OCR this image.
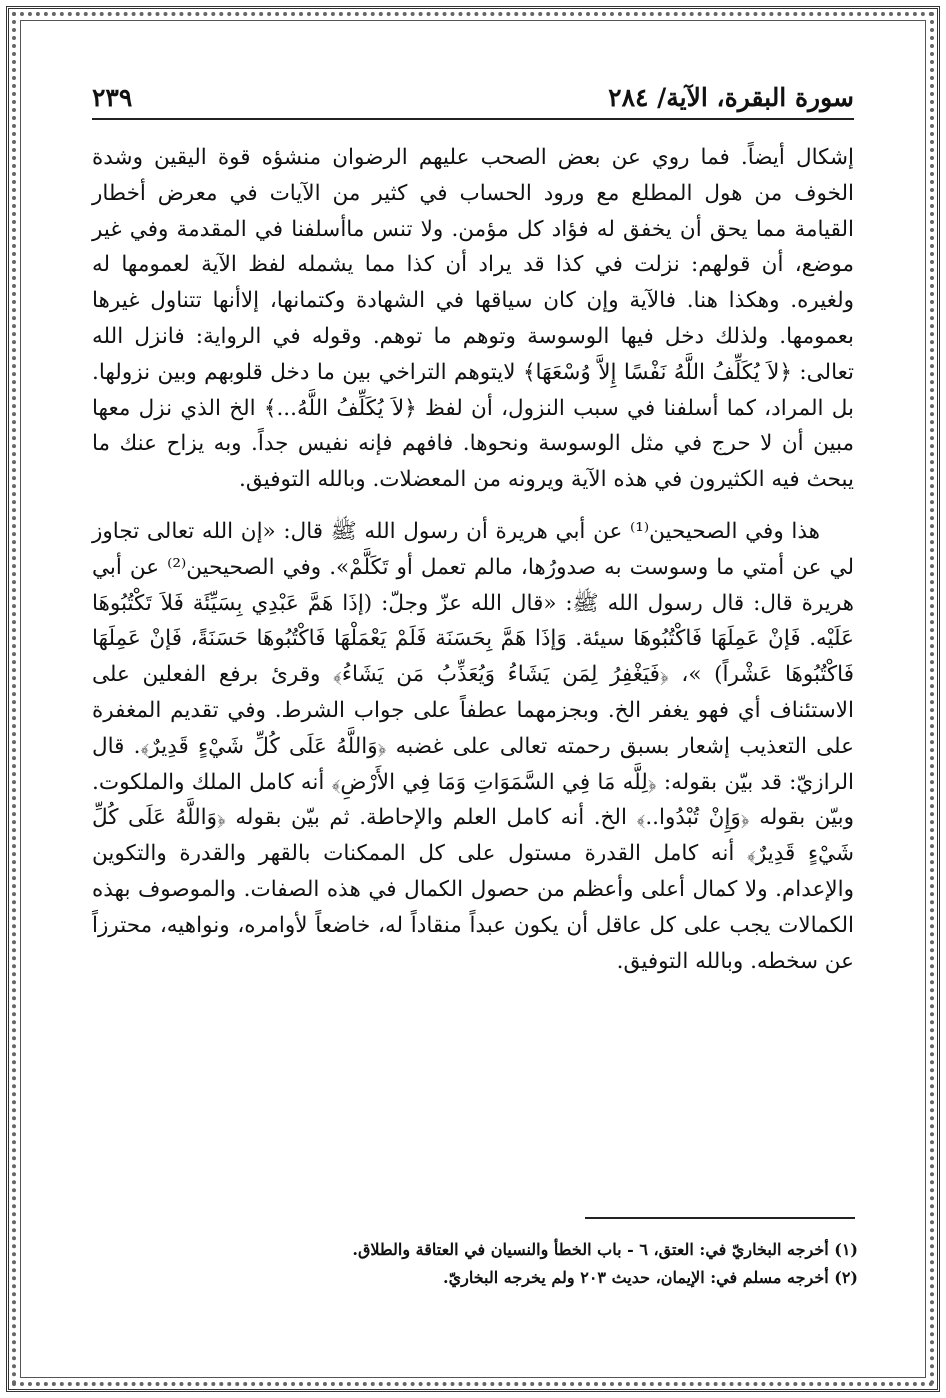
سورة البقرة، الآية/ ٢٨٤
٢٣٩

إشكال أيضاً. فما روي عن بعض الصحب عليهم الرضوان منشؤه قوة اليقين وشدة الخوف من هول المطلع مع ورود الحساب في كثير من الآيات في معرض أخطار القيامة مما يحق أن يخفق له فؤاد كل مؤمن. ولا تنس ماأسلفنا في المقدمة وفي غير موضع، أن قولهم: نزلت في كذا قد يراد أن كذا مما يشمله لفظ الآية لعمومها له ولغيره. وهكذا هنا. فالآية وإن كان سياقها في الشهادة وكتمانها، إلاأنها تتناول غيرها بعمومها. ولذلك دخل فيها الوسوسة وتوهم ما توهم. وقوله في الرواية: فانزل الله تعالى: ﴿لاَ يُكَلِّفُ اللَّهُ نَفْسًا إِلاَّ وُسْعَهَا﴾ لايتوهم التراخي بين ما دخل قلوبهم وبين نزولها. بل المراد، كما أسلفنا في سبب النزول، أن لفظ ﴿لاَ يُكَلِّفُ اللَّهُ...﴾ الخ الذي نزل معها مبين أن لا حرج في مثل الوسوسة ونحوها. فافهم فإنه نفيس جداً. وبه يزاح عنك ما يبحث فيه الكثيرون في هذه الآية ويرونه من المعضلات. وبالله التوفيق.

هذا وفي الصحيحين⁽¹⁾ عن أبي هريرة أن رسول الله ﷺ قال: «إن الله تعالى تجاوز لي عن أمتي ما وسوست به صدورُها، مالم تعمل أو تَكَلَّمْ». وفي الصحيحين⁽²⁾ عن أبي هريرة قال: قال رسول الله ﷺ: «قال الله عزّ وجلّ: (إذَا هَمَّ عَبْدِي بِسَيِّئَة فَلاَ تَكْتُبُوهَا عَلَيْه. فَإنْ عَمِلَهَا فَاكْتُبُوهَا سيئة. وَإذَا هَمَّ بِحَسَنَة فَلَمْ يَعْمَلْهَا فَاكْتُبُوهَا حَسَنَةً، فَإنْ عَمِلَهَا فَاكْتُبُوهَا عَشْراً) »، ﴿فَيَغْفِرُ لِمَن يَشَاءُ وَيُعَذِّبُ مَن يَشَاءُ﴾ وقرئ برفع الفعلين على الاستئناف أي فهو يغفر الخ. وبجزمهما عطفاً على جواب الشرط. وفي تقديم المغفرة على التعذيب إشعار بسبق رحمته تعالى على غضبه ﴿وَاللَّهُ عَلَى كُلِّ شَيْءٍ قَدِيرٌ﴾. قال الرازيّ: قد بيّن بقوله: ﴿لِلَّه مَا فِي السَّمَوَاتِ وَمَا فِي الأَرْضِ﴾ أنه كامل الملك والملكوت. وبيّن بقوله ﴿وَإِنْ تُبْدُوا..﴾ الخ. أنه كامل العلم والإحاطة. ثم بيّن بقوله ﴿وَاللَّهُ عَلَى كُلِّ شَيْءٍ قَدِيرٌ﴾ أنه كامل القدرة مستول على كل الممكنات بالقهر والقدرة والتكوين والإعدام. ولا كمال أعلى وأعظم من حصول الكمال في هذه الصفات. والموصوف بهذه الكمالات يجب على كل عاقل أن يكون عبداً منقاداً له، خاضعاً لأوامره، ونواهيه، محترزاً عن سخطه. وبالله التوفيق.

(١) أخرجه البخاريّ في: العتق، ٦ - باب الخطأ والنسيان في العتاقة والطلاق.
(٢) أخرجه مسلم في: الإيمان، حديث ٢٠٣ ولم يخرجه البخاريّ.
